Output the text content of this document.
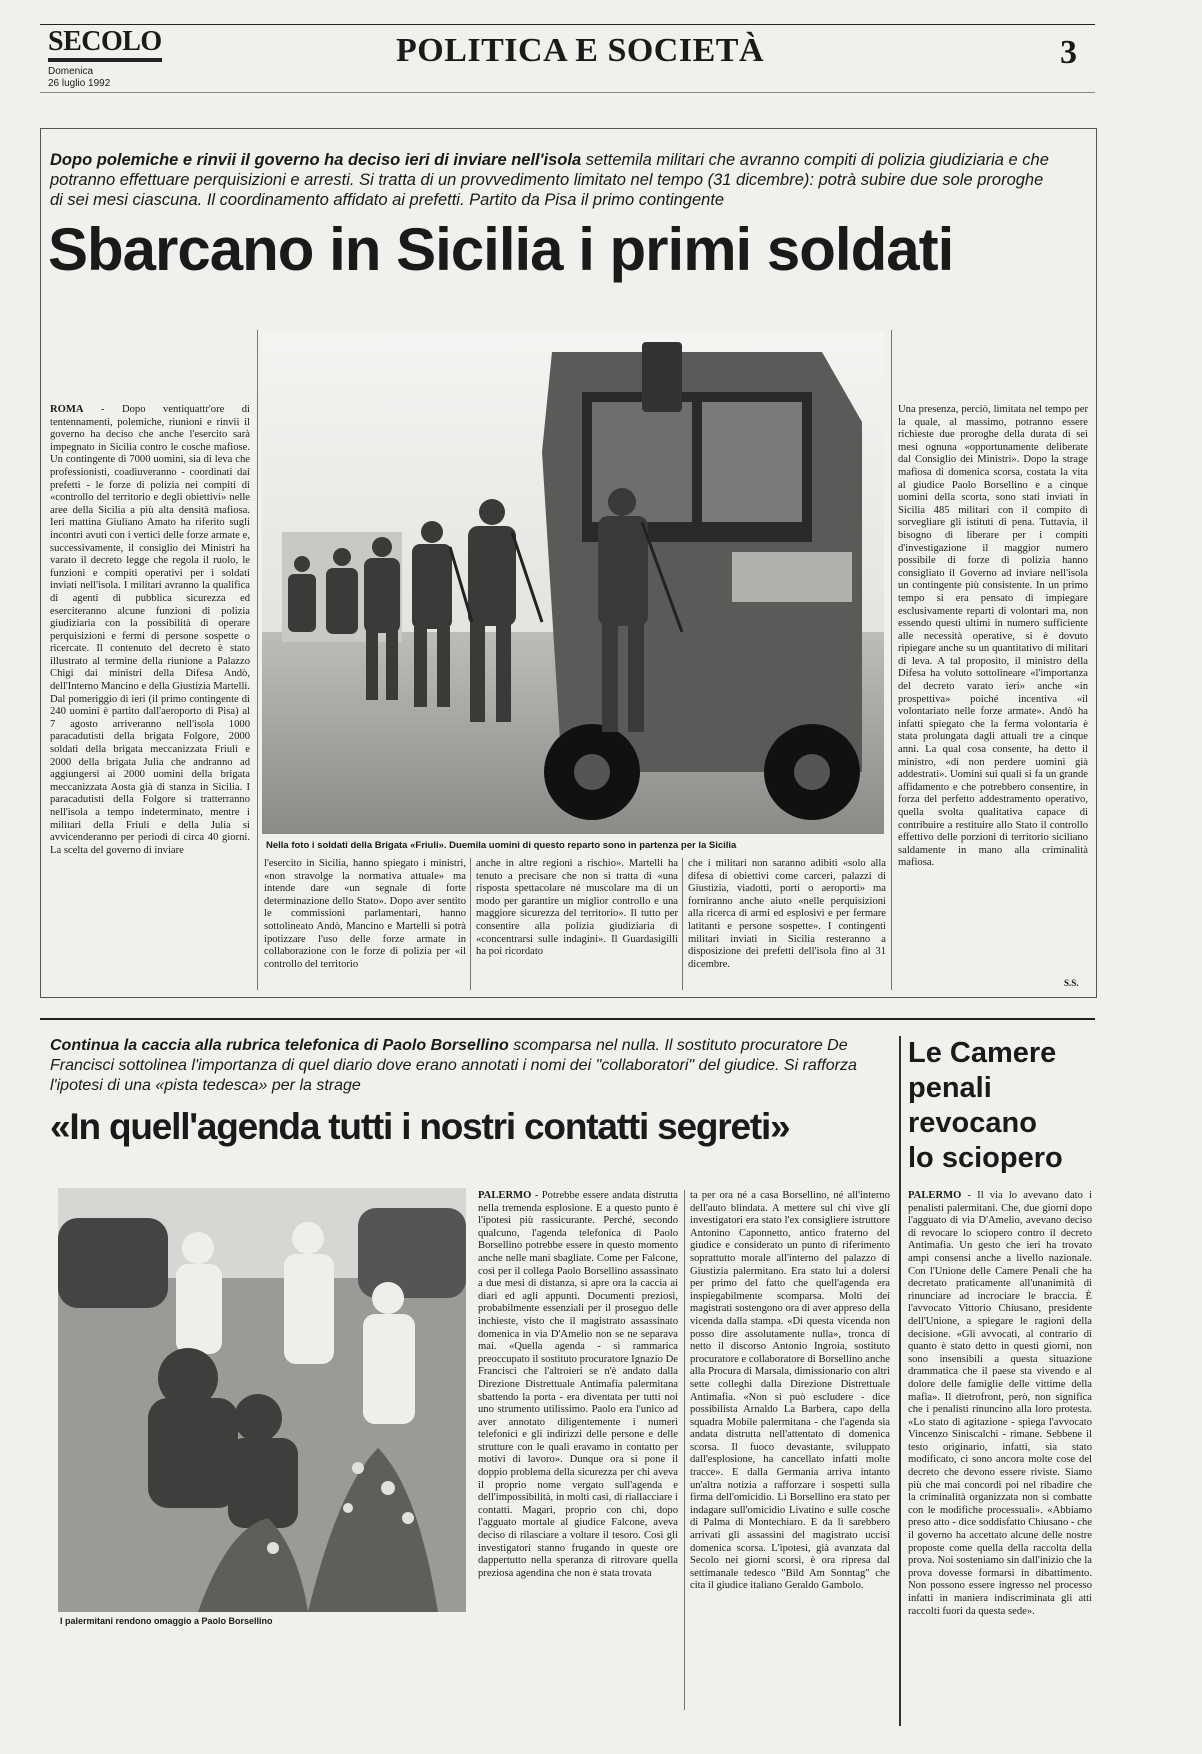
SECOLO
Domenica
26 luglio 1992
POLITICA E SOCIETÀ	3
Dopo polemiche e rinvii il governo ha deciso ieri di inviare nell'isola settemila militari che avranno compiti di polizia giudiziaria e che potranno effettuare perquisizioni e arresti. Si tratta di un provvedimento limitato nel tempo (31 dicembre): potrà subire due sole proroghe di sei mesi ciascuna. Il coordinamento affidato ai prefetti. Partito da Pisa il primo contingente
Sbarcano in Sicilia i primi soldati

ROMA - Dopo ventiquattr'ore di tentennamenti, polemiche, riunioni e rinvii il governo ha deciso che anche l'esercito sarà impegnato in Sicilia contro le cosche mafiose. Un contingente di 7000 uomini, sia di leva che professionisti, coadiuveranno - coordinati dai prefetti - le forze di polizia nei compiti di «controllo del territorio e degli obiettivi» nelle aree della Sicilia a più alta densità mafiosa. Ieri mattina Giuliano Amato ha riferito sugli incontri avuti con i vertici delle forze armate e, successivamente, il consiglio dei Ministri ha varato il decreto legge che regola il ruolo, le funzioni e compiti operativi per i soldati inviati nell'isola. I militari avranno la qualifica di agenti di pubblica sicurezza ed eserciteranno alcune funzioni di polizia giudiziaria con la possibilità di operare perquisizioni e fermi di persone sospette o ricercate. Il contenuto del decreto è stato illustrato al termine della riunione a Palazzo Chigi dai ministri della Difesa Andò, dell'Interno Mancino e della Giustizia Martelli. Dal pomeriggio di ieri (il primo contingente di 240 uomini è partito dall'aeroporto di Pisa) al 7 agosto arriveranno nell'isola 1000 paracadutisti della brigata Folgore, 2000 soldati della brigata meccanizzata Friuli e 2000 della brigata Julia che andranno ad aggiungersi ai 2000 uomini della brigata meccanizzata Aosta già di stanza in Sicilia. I paracadutisti della Folgore si tratterranno nell'isola a tempo indeterminato, mentre i militari della Friuli e della Julia si avvicenderanno per periodi di circa 40 giorni. La scelta del governo di inviare	Nella foto i soldati della Brigata «Friuli». Duemila uomini di questo reparto sono in partenza per la Sicilia

l'esercito in Sicilia, hanno spiegato i ministri, «non stravolge la normativa attuale» ma intende dare «un segnale di forte determinazione dello Stato». Dopo aver sentito le commissioni parlamentari, hanno sottolineato Andò, Mancino e Martelli si potrà ipotizzare l'uso delle forze armate in collaborazione con le forze di polizia per «il controllo del territorio

anche in altre regioni a rischio». Martelli ha tenuto a precisare che non si tratta di «una risposta spettacolare né muscolare ma di un modo per garantire un miglior controllo e una maggiore sicurezza del territorio». Il tutto per consentire alla polizia giudiziaria di «concentrarsi sulle indagini». Il Guardasigilli ha poi ricordato

che i militari non saranno adibiti «solo alla difesa di obiettivi come carceri, palazzi di Giustizia, viadotti, porti o aeroporti» ma forniranno anche aiuto «nelle perquisizioni alla ricerca di armi ed esplosivi e per fermare latitanti e persone sospette». I contingenti militari inviati in Sicilia resteranno a disposizione dei prefetti dell'isola fino al 31 dicembre.

Una presenza, perciò, limitata nel tempo per la quale, al massimo, potranno essere richieste due proroghe della durata di sei mesi ognuna «opportunamente deliberate dal Consiglio dei Ministri». Dopo la strage mafiosa di domenica scorsa, costata la vita al giudice Paolo Borsellino e a cinque uomini della scorta, sono stati inviati in Sicilia 485 militari con il compito di sorvegliare gli istituti di pena. Tuttavia, il bisogno di liberare per i compiti d'investigazione il maggior numero possibile di forze di polizia hanno consigliato il Governo ad inviare nell'isola un contingente più consistente. In un primo tempo si era pensato di impiegare esclusivamente reparti di volontari ma, non essendo questi ultimi in numero sufficiente alle necessità operative, si è dovuto ripiegare anche su un quantitativo di militari di leva. A tal proposito, il ministro della Difesa ha voluto sottolineare «l'importanza del decreto varato ieri» anche «in prospettiva» poiché incentiva «il volontariato nelle forze armate». Andò ha infatti spiegato che la ferma volontaria è stata prolungata dagli attuali tre a cinque anni. La qual cosa consente, ha detto il ministro, «di non perdere uomini già addestrati». Uomini sui quali si fa un grande affidamento e che potrebbero consentire, in forza del perfetto addestramento operativo, quella svolta qualitativa capace di contribuire a restituire allo Stato il controllo effettivo delle porzioni di territorio siciliano saldamente in mano alla criminalità mafiosa.

S.S.
Continua la caccia alla rubrica telefonica di Paolo Borsellino scomparsa nel nulla. Il sostituto procuratore De Francisci sottolinea l'importanza di quel diario dove erano annotati i nomi dei "collaboratori" del giudice. Si rafforza l'ipotesi di una «pista tedesca» per la strage
«In quell'agenda tutti i nostri contatti segreti»
I palermitani rendono omaggio a Paolo Borsellino

PALERMO - Potrebbe essere andata distrutta nella tremenda esplosione. E a questo punto è l'ipotesi più rassicurante. Perché, secondo qualcuno, l'agenda telefonica di Paolo Borsellino potrebbe essere in questo momento anche nelle mani sbagliate. Come per Falcone, così per il collega Paolo Borsellino assassinato a due mesi di distanza, si apre ora la caccia ai diari ed agli appunti. Documenti preziosi, probabilmente essenziali per il proseguo delle inchieste, visto che il magistrato assassinato domenica in via D'Amelio non se ne separava mai. «Quella agenda - si rammarica preoccupato il sostituto procuratore Ignazio De Francisci che l'altroieri se n'è andato dalla Direzione Distrettuale Antimafia palermitana sbattendo la porta - era diventata per tutti noi uno strumento utilissimo. Paolo era l'unico ad aver annotato diligentemente i numeri telefonici e gli indirizzi delle persone e delle strutture con le quali eravamo in contatto per motivi di lavoro». Dunque ora si pone il doppio problema della sicurezza per chi aveva il proprio nome vergato sull'agenda e dell'impossibilità, in molti casi, di riallacciare i contatti. Magari, proprio con chi, dopo l'agguato mortale al giudice Falcone, aveva deciso di rilasciare a voltare il tesoro. Così gli investigatori stanno frugando in queste ore dappertutto nella speranza di ritrovare quella preziosa agendina che non è stata trovata

ta per ora né a casa Borsellino, né all'interno dell'auto blindata. A mettere sul chi vive gli investigatori era stato l'ex consigliere istruttore Antonino Caponnetto, antico fraterno del giudice e considerato un punto di riferimento soprattutto morale all'interno del palazzo di Giustizia palermitano. Era stato lui a dolersi per primo del fatto che quell'agenda era inspiegabilmente scomparsa. Molti dei magistrati sostengono ora di aver appreso della vicenda dalla stampa. «Di questa vicenda non posso dire assolutamente nulla», tronca di netto il discorso Antonio Ingroia, sostituto procuratore e collaboratore di Borsellino anche alla Procura di Marsala, dimissionario con altri sette colleghi dalla Direzione Distrettuale Antimafia. «Non si può escludere - dice possibilista Arnaldo La Barbera, capo della squadra Mobile palermitana - che l'agenda sia andata distrutta nell'attentato di domenica scorsa. Il fuoco devastante, sviluppato dall'esplosione, ha cancellato infatti molte tracce». E dalla Germania arriva intanto un'altra notizia a rafforzare i sospetti sulla firma dell'omicidio. Lì Borsellino era stato per indagare sull'omicidio Livatino e sulle cosche di Palma di Montechiaro. E da lì sarebbero arrivati gli assassini del magistrato uccisi domenica scorsa. L'ipotesi, già avanzata dal Secolo nei giorni scorsi, è ora ripresa dal settimanale tedesco "Bild Am Sonntag" che cita il giudice italiano Geraldo Gambolo.

Le Camere
penali
revocano
lo sciopero

PALERMO - Il via lo avevano dato i penalisti palermitani. Che, due giorni dopo l'agguato di via D'Amelio, avevano deciso di revocare lo sciopero contro il decreto Antimafia. Un gesto che ieri ha trovato ampi consensi anche a livello nazionale. Con l'Unione delle Camere Penali che ha decretato praticamente all'unanimità di rinunciare ad incrociare le braccia. È l'avvocato Vittorio Chiusano, presidente dell'Unione, a spiegare le ragioni della decisione. «Gli avvocati, al contrario di quanto è stato detto in questi giorni, non sono insensibili a questa situazione drammatica che il paese sta vivendo e al dolore delle famiglie delle vittime della mafia». Il dietrofront, però, non significa che i penalisti rinuncino alla loro protesta. «Lo stato di agitazione - spiega l'avvocato Vincenzo Siniscalchi - rimane. Sebbene il testo originario, infatti, sia stato modificato, ci sono ancora molte cose del decreto che devono essere riviste. Siamo più che mai concordi poi nel ribadire che la criminalità organizzata non si combatte con le modifiche processuali». «Abbiamo preso atto - dice soddisfatto Chiusano - che il governo ha accettato alcune delle nostre proposte come quella della raccolta della prova. Noi sosteniamo sin dall'inizio che la prova dovesse formarsi in dibattimento. Non possono essere ingresso nel processo infatti in maniera indiscriminata gli atti raccolti fuori da questa sede».
